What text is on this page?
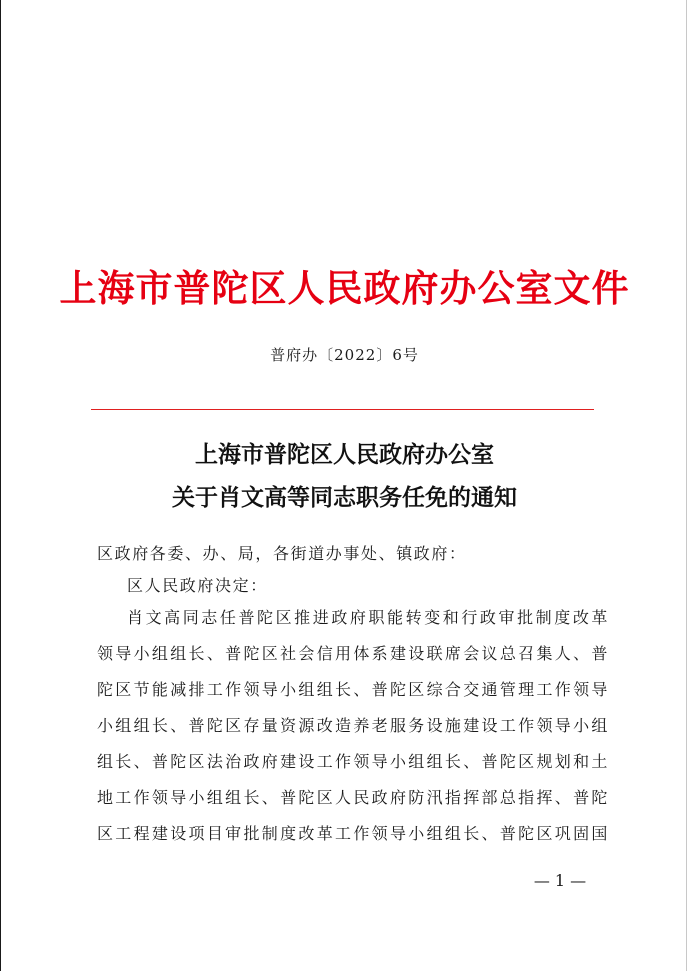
上海市普陀区人民政府办公室文件
普府办〔2022〕6号
上海市普陀区人民政府办公室
关于肖文高等同志职务任免的通知
区政府各委、办、局，各街道办事处、镇政府：
区人民政府决定：
肖文高同志任普陀区推进政府职能转变和行政审批制度改革
领导小组组长、普陀区社会信用体系建设联席会议总召集人、普
陀区节能减排工作领导小组组长、普陀区综合交通管理工作领导
小组组长、普陀区存量资源改造养老服务设施建设工作领导小组
组长、普陀区法治政府建设工作领导小组组长、普陀区规划和土
地工作领导小组组长、普陀区人民政府防汛指挥部总指挥、普陀
区工程建设项目审批制度改革工作领导小组组长、普陀区巩固国
— 1 —
